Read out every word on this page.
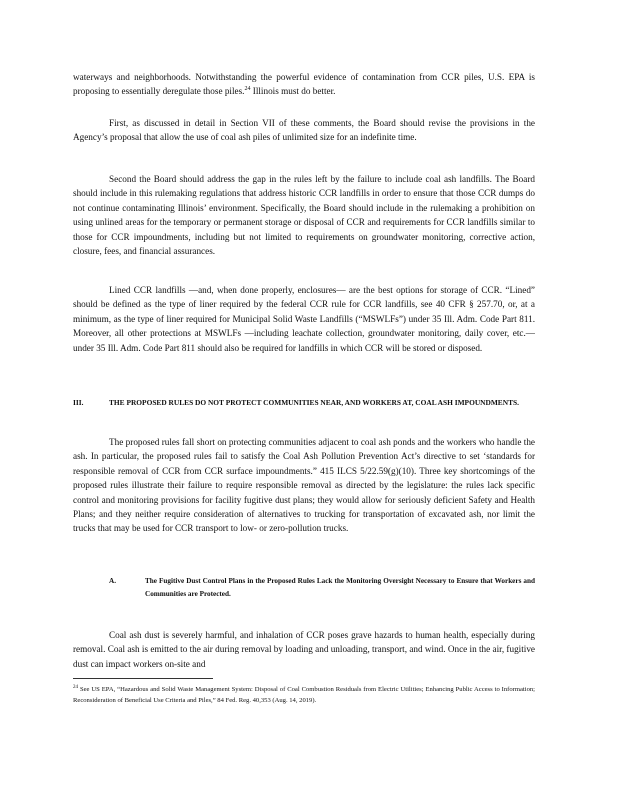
waterways and neighborhoods. Notwithstanding the powerful evidence of contamination from CCR piles, U.S. EPA is proposing to essentially deregulate those piles.$^{24}$ Illinois must do better.

First, as discussed in detail in Section VII of these comments, the Board should revise the provisions in the Agency’s proposal that allow the use of coal ash piles of unlimited size for an indefinite time.

Second the Board should address the gap in the rules left by the failure to include coal ash landfills. The Board should include in this rulemaking regulations that address historic CCR landfills in order to ensure that those CCR dumps do not continue contaminating Illinois’ environment. Specifically, the Board should include in the rulemaking a prohibition on using unlined areas for the temporary or permanent storage or disposal of CCR and requirements for CCR landfills similar to those for CCR impoundments, including but not limited to requirements on groundwater monitoring, corrective action, closure, fees, and financial assurances.

Lined CCR landfills —and, when done properly, enclosures— are the best options for storage of CCR. “Lined” should be defined as the type of liner required by the federal CCR rule for CCR landfills, see 40 CFR § 257.70, or, at a minimum, as the type of liner required for Municipal Solid Waste Landfills (“MSWLFs”) under 35 Ill. Adm. Code Part 811. Moreover, all other protections at MSWLFs —including leachate collection, groundwater monitoring, daily cover, etc.—under 35 Ill. Adm. Code Part 811 should also be required for landfills in which CCR will be stored or disposed.

III.	THE PROPOSED RULES DO NOT PROTECT COMMUNITIES NEAR, AND WORKERS AT, COAL ASH IMPOUNDMENTS.

The proposed rules fall short on protecting communities adjacent to coal ash ponds and the workers who handle the ash. In particular, the proposed rules fail to satisfy the Coal Ash Pollution Prevention Act’s directive to set ‘standards for responsible removal of CCR from CCR surface impoundments.” 415 ILCS 5/22.59(g)(10). Three key shortcomings of the proposed rules illustrate their failure to require responsible removal as directed by the legislature: the rules lack specific control and monitoring provisions for facility fugitive dust plans; they would allow for seriously deficient Safety and Health Plans; and they neither require consideration of alternatives to trucking for transportation of excavated ash, nor limit the trucks that may be used for CCR transport to low- or zero-pollution trucks.

A.	The Fugitive Dust Control Plans in the Proposed Rules Lack the Monitoring Oversight Necessary to Ensure that Workers and Communities are Protected.

Coal ash dust is severely harmful, and inhalation of CCR poses grave hazards to human health, especially during removal. Coal ash is emitted to the air during removal by loading and unloading, transport, and wind. Once in the air, fugitive dust can impact workers on-site and

$^{24}$ See US EPA, “Hazardous and Solid Waste Management System: Disposal of Coal Combustion Residuals from Electric Utilities; Enhancing Public Access to Information; Reconsideration of Beneficial Use Criteria and Piles,” 84 Fed. Reg. 40,353 (Aug. 14, 2019).
